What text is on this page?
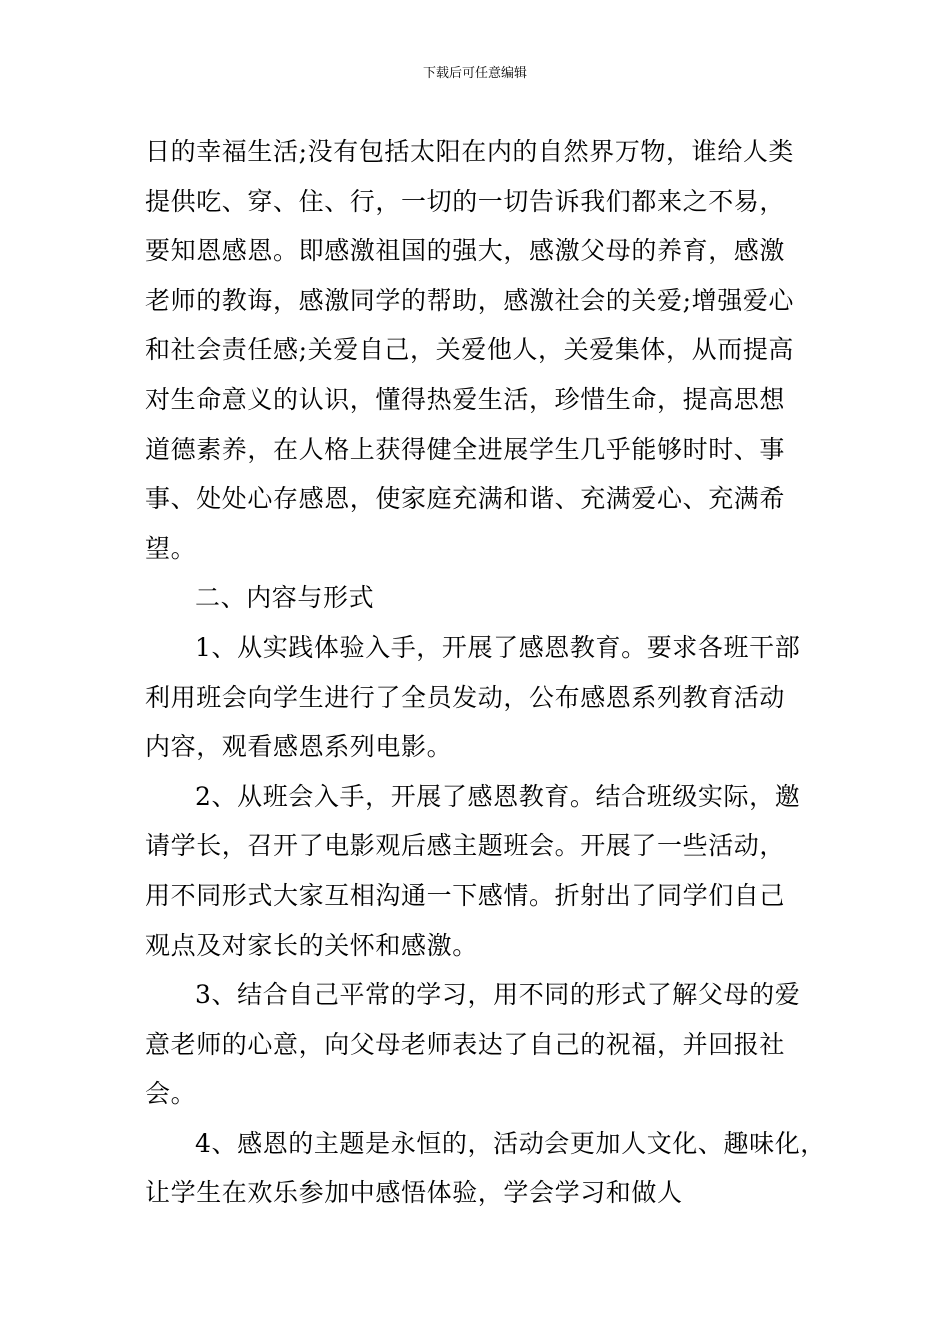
下载后可任意编辑

日的幸福生活;没有包括太阳在内的自然界万物，谁给人类
提供吃、穿、住、行，一切的一切告诉我们都来之不易，
要知恩感恩。即感激祖国的强大，感激父母的养育，感激
老师的教诲，感激同学的帮助，感激社会的关爱;增强爱心
和社会责任感;关爱自己，关爱他人，关爱集体，从而提高
对生命意义的认识，懂得热爱生活，珍惜生命，提高思想
道德素养，在人格上获得健全进展学生几乎能够时时、事
事、处处心存感恩，使家庭充满和谐、充满爱心、充满希
望。

二、内容与形式

1、从实践体验入手，开展了感恩教育。要求各班干部
利用班会向学生进行了全员发动，公布感恩系列教育活动
内容，观看感恩系列电影。

2、从班会入手，开展了感恩教育。结合班级实际，邀
请学长，召开了电影观后感主题班会。开展了一些活动，
用不同形式大家互相沟通一下感情。折射出了同学们自己
观点及对家长的关怀和感激。

3、结合自己平常的学习，用不同的形式了解父母的爱
意老师的心意，向父母老师表达了自己的祝福，并回报社
会。

4、感恩的主题是永恒的，活动会更加人文化、趣味化，
让学生在欢乐参加中感悟体验，学会学习和做人
